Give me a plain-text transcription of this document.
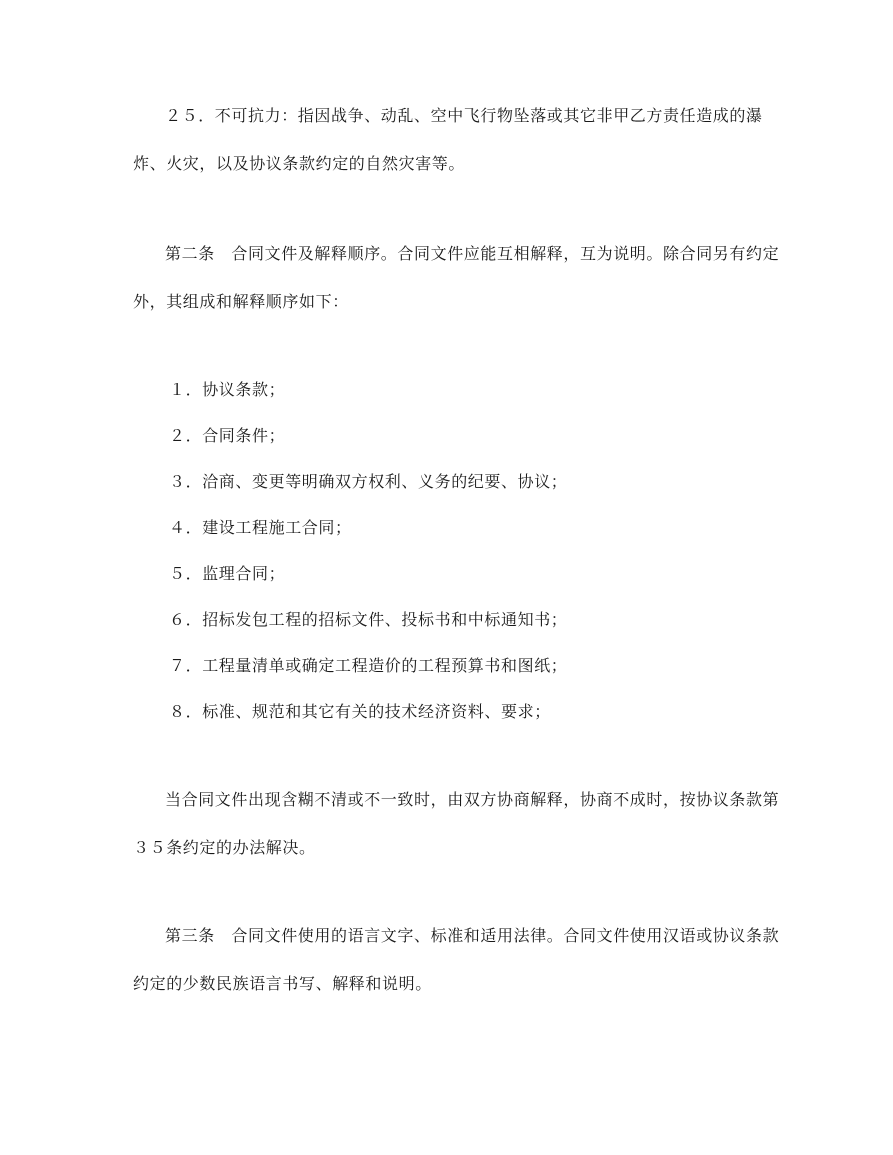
２５．不可抗力：指因战争、动乱、空中飞行物坠落或其它非甲乙方责任造成的瀑炸、火灾，以及协议条款约定的自然灾害等。

第二条　合同文件及解释顺序。合同文件应能互相解释，互为说明。除合同另有约定外，其组成和解释顺序如下：

１．协议条款；
２．合同条件；
３．洽商、变更等明确双方权利、义务的纪要、协议；
４．建设工程施工合同；
５．监理合同；
６．招标发包工程的招标文件、投标书和中标通知书；
７．工程量清单或确定工程造价的工程预算书和图纸；
８．标准、规范和其它有关的技术经济资料、要求；

当合同文件出现含糊不清或不一致时，由双方协商解释，协商不成时，按协议条款第３５条约定的办法解决。

第三条　合同文件使用的语言文字、标准和适用法律。合同文件使用汉语或协议条款约定的少数民族语言书写、解释和说明。
